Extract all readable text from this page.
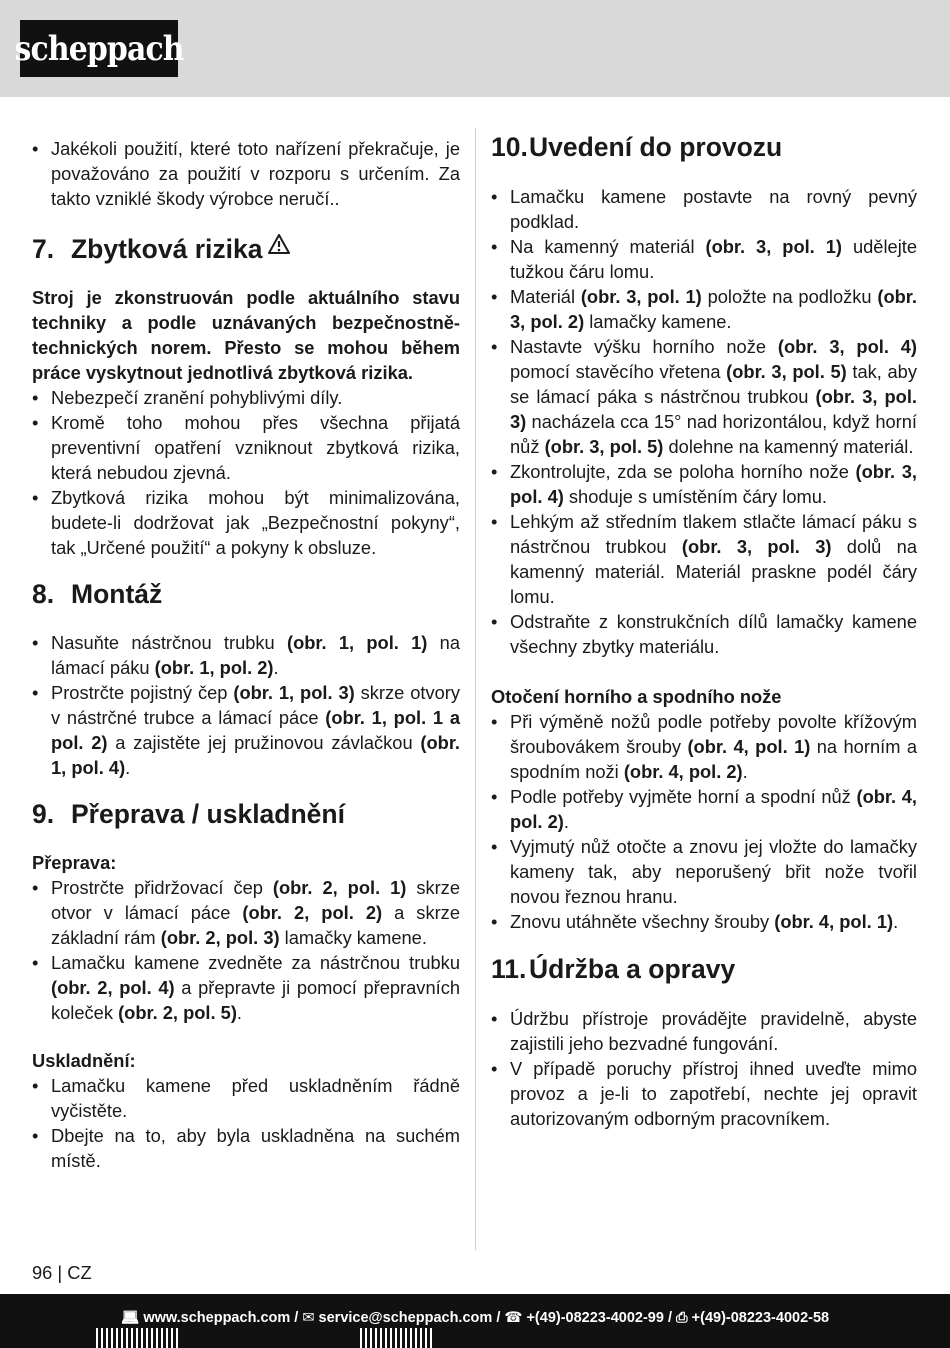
scheppach
• Jakékoli použití, které toto nařízení překračuje, je považováno za použití v rozporu s určením. Za takto vzniklé škody výrobce neručí..
7. Zbytková rizika

Stroj je zkonstruován podle aktuálního stavu techniky a podle uznávaných bezpečnostně-technických norem. Přesto se mohou během práce vyskytnout jednotlivá zbytková rizika.

• Nebezpečí zranění pohyblivými díly.
• Kromě toho mohou přes všechna přijatá preventivní opatření vzniknout zbytková rizika, která nebudou zjevná.
• Zbytková rizika mohou být minimalizována, budete-li dodržovat jak „Bezpečnostní pokyny“, tak „Určené použití“ a pokyny k obsluze.
8. Montáž
• Nasuňte nástrčnou trubku (obr. 1, pol. 1) na lámací páku (obr. 1, pol. 2).
• Prostrčte pojistný čep (obr. 1, pol. 3) skrze otvory v nástrčné trubce a lámací páce (obr. 1, pol. 1 a pol. 2) a zajistěte jej pružinovou závlačkou (obr. 1, pol. 4).
9. Přeprava / uskladnění

Přeprava:

• Prostrčte přidržovací čep (obr. 2, pol. 1) skrze otvor v lámací páce (obr. 2, pol. 2) a skrze základní rám (obr. 2, pol. 3) lamačky kamene.
• Lamačku kamene zvedněte za nástrčnou trubku (obr. 2, pol. 4) a přepravte ji pomocí přepravních koleček (obr. 2, pol. 5).

Uskladnění:

• Lamačku kamene před uskladněním řádně vyčistěte.
• Dbejte na to, aby byla uskladněna na suchém místě.
10. Uvedení do provozu
• Lamačku kamene postavte na rovný pevný podklad.
• Na kamenný materiál (obr. 3, pol. 1) udělejte tužkou čáru lomu.
• Materiál (obr. 3, pol. 1) položte na podložku (obr. 3, pol. 2) lamačky kamene.
• Nastavte výšku horního nože (obr. 3, pol. 4) pomocí stavěcího vřetena (obr. 3, pol. 5) tak, aby se lámací páka s nástrčnou trubkou (obr. 3, pol. 3) nacházela cca 15° nad horizontálou, když horní nůž (obr. 3, pol. 5) dolehne na kamenný materiál.
• Zkontrolujte, zda se poloha horního nože (obr. 3, pol. 4) shoduje s umístěním čáry lomu.
• Lehkým až středním tlakem stlačte lámací páku s nástrčnou trubkou (obr. 3, pol. 3) dolů na kamenný materiál. Materiál praskne podél čáry lomu.
• Odstraňte z konstrukčních dílů lamačky kamene všechny zbytky materiálu.

Otočení horního a spodního nože

• Při výměně nožů podle potřeby povolte křížovým šroubovákem šrouby (obr. 4, pol. 1) na horním a spodním noži (obr. 4, pol. 2).
• Podle potřeby vyjměte horní a spodní nůž (obr. 4, pol. 2).
• Vyjmutý nůž otočte a znovu jej vložte do lamačky kameny tak, aby neporušený břit nože tvořil novou řeznou hranu.
• Znovu utáhněte všechny šrouby (obr. 4, pol. 1).
11. Údržba a opravy
• Údržbu přístroje provádějte pravidelně, abyste zajistili jeho bezvadné fungování.
• V případě poruchy přístroj ihned uveďte mimo provoz a je-li to zapotřebí, nechte jej opravit autorizovaným odborným pracovníkem.
96 | CZ
💻︎ www.scheppach.com / ✉︎ service@scheppach.com / ☎︎ +(49)-08223-4002-99 / ⎙ +(49)-08223-4002-58
